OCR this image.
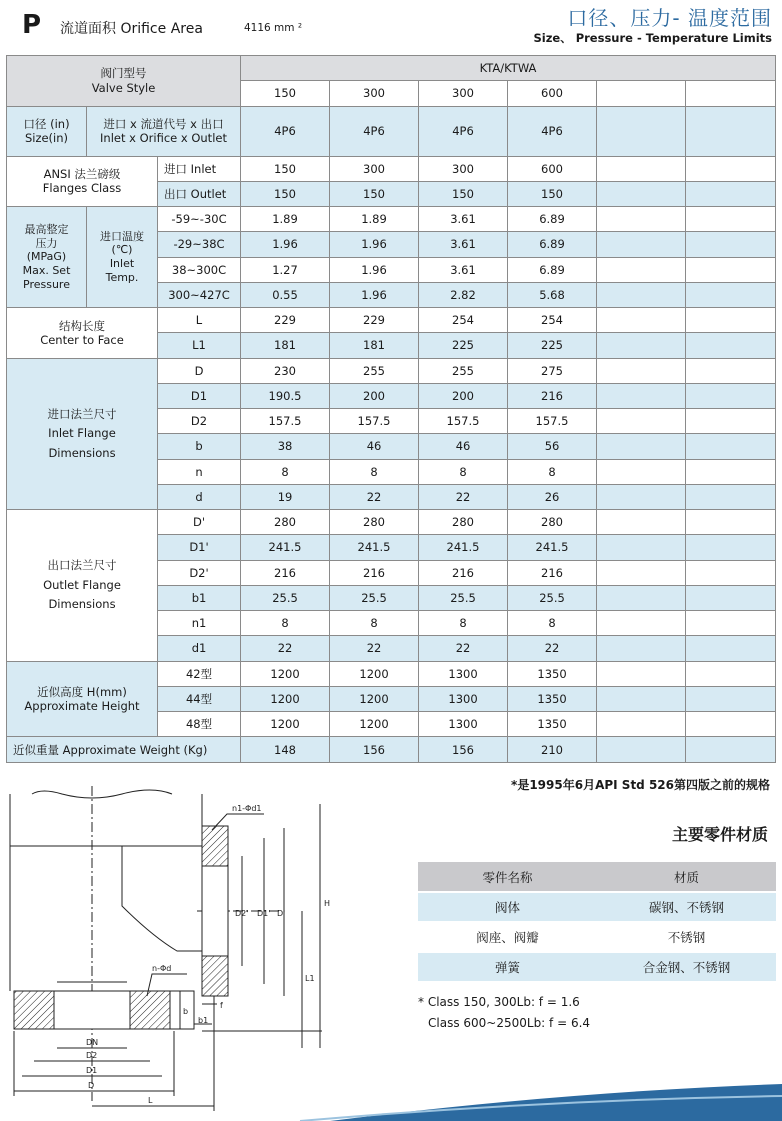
P 流道面积 Orifice Area	4116 mm ²	口径、压力- 温度范围
Size、 Pressure - Temperature Limits
阀门型号
Valve Style			KTA/KTWA					
			150	300	300	600		
口径 (in)
Size(in)	进口 x 流道代号 x 出口
Inlet x Orifice x Outlet		4P6	4P6	4P6	4P6		
ANSI 法兰磅级
Flanges Class		进口 Inlet	150	300	300	600		
		出口 Outlet	150	150	150	150		
最高整定
压力
(MPaG)
Max. Set
Pressure	进口温度
(℃)
Inlet
Temp.	-59~-30C	1.89	1.89	3.61	6.89		
		-29~38C	1.96	1.96	3.61	6.89		
		38~300C	1.27	1.96	3.61	6.89		
		300~427C	0.55	1.96	2.82	5.68		
结构长度
Center to Face		L	229	229	254	254		
		L1	181	181	225	225		
进口法兰尺寸
Inlet Flange
Dimensions		D	230	255	255	275		
		D1	190.5	200	200	216		
		D2	157.5	157.5	157.5	157.5		
		b	38	46	46	56		
		n	8	8	8	8		
		d	19	22	22	26		
出口法兰尺寸
Outlet Flange
Dimensions		D'	280	280	280	280		
		D1'	241.5	241.5	241.5	241.5		
		D2'	216	216	216	216		
		b1	25.5	25.5	25.5	25.5		
		n1	8	8	8	8		
		d1	22	22	22	22		
近似高度 H(mm)
Approximate Height		42型	1200	1200	1300	1350		
		44型	1200	1200	1300	1350		
		48型	1200	1200	1300	1350		
近似重量 Approximate Weight (Kg)			148	156	156	210		
*是1995年6月API Std 526第四版之前的规格
n1-Φd1
n-Φd
D'
D1'
D2'
H
L1
f
b1
b
DN
D2
D1
D
L
主要零件材质
零件名称	材质
阀体	碳钢、不锈钢
阀座、阀瓣	不锈钢
弹簧	合金钢、不锈钢
* Class 150, 300Lb: f = 1.6
Class 600~2500Lb: f = 6.4
